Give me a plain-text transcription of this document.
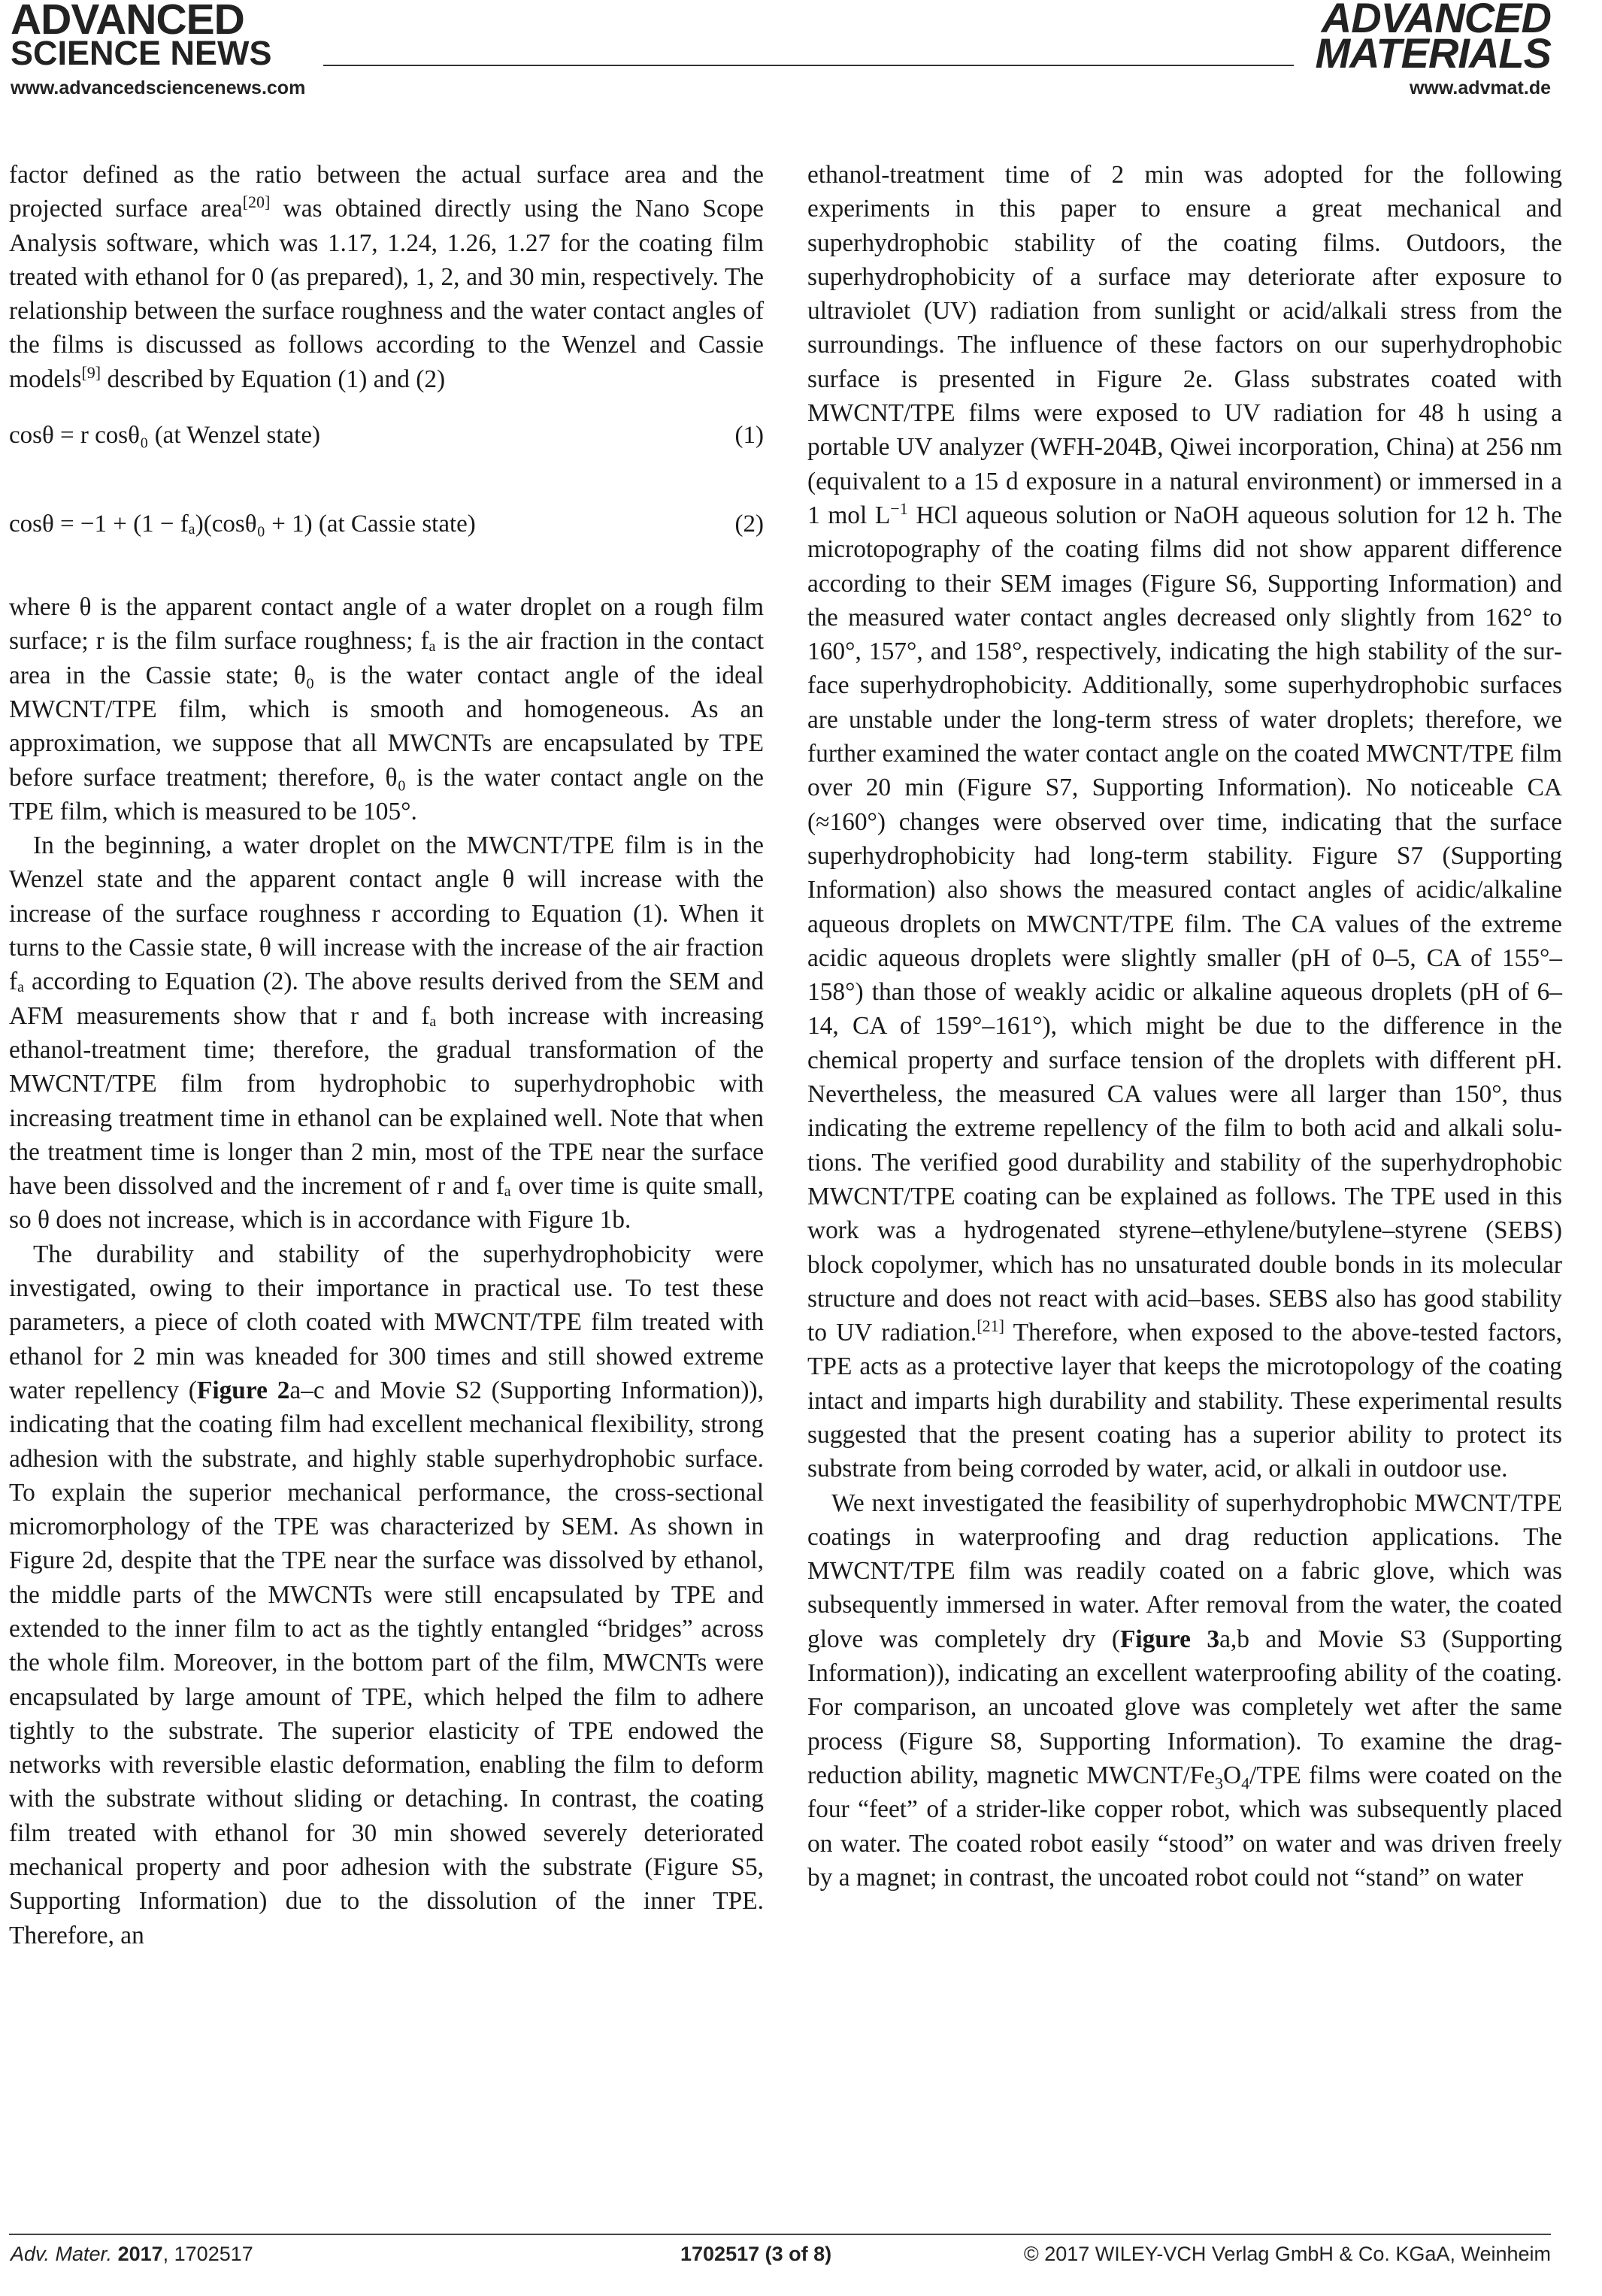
ADVANCED
SCIENCE NEWS
www.advancedsciencenews.com
ADVANCED
MATERIALS
www.advmat.de

factor defined as the ratio between the actual surface area and the projected surface area[20] was obtained directly using the Nano Scope Analysis software, which was 1.17, 1.24, 1.26, 1.27 for the coating film treated with ethanol for 0 (as prepared), 1, 2, and 30 min, respectively. The relationship between the surface roughness and the water contact angles of the films is discussed as follows according to the Wenzel and Cassie models[9] described by Equation (1) and (2)

cosθ = r cosθ₀ (at Wenzel state)	(1)
cosθ = −1 + (1 − fₐ)(cosθ₀ + 1) (at Cassie state)	(2)

where θ is the apparent contact angle of a water droplet on a rough film surface; r is the film surface roughness; fₐ is the air fraction in the contact area in the Cassie state; θ₀ is the water contact angle of the ideal MWCNT/TPE film, which is smooth and homogeneous. As an approximation, we suppose that all MWCNTs are encapsulated by TPE before surface treatment; therefore, θ₀ is the water contact angle on the TPE film, which is measured to be 105°.

In the beginning, a water droplet on the MWCNT/TPE film is in the Wenzel state and the apparent contact angle θ will increase with the increase of the surface roughness r according to Equation (1). When it turns to the Cassie state, θ will increase with the increase of the air fraction fₐ according to Equation (2). The above results derived from the SEM and AFM measurements show that r and fₐ both increase with increasing ethanol-treatment time; therefore, the gradual transformation of the MWCNT/TPE film from hydrophobic to superhydrophobic with increasing treatment time in ethanol can be explained well. Note that when the treatment time is longer than 2 min, most of the TPE near the surface have been dissolved and the increment of r and fₐ over time is quite small, so θ does not increase, which is in accordance with Figure 1b.

The durability and stability of the superhydrophobicity were investigated, owing to their importance in practical use. To test these parameters, a piece of cloth coated with MWCNT/TPE film treated with ethanol for 2 min was kneaded for 300 times and still showed extreme water repellency (Figure 2a–c and Movie S2 (Supporting Information)), indicating that the coating film had excellent mechanical flexibility, strong adhesion with the substrate, and highly stable superhydrophobic surface. To explain the superior mechanical performance, the cross-sectional micromorphology of the TPE was characterized by SEM. As shown in Figure 2d, despite that the TPE near the surface was dissolved by ethanol, the middle parts of the MWCNTs were still encapsulated by TPE and extended to the inner film to act as the tightly entangled “bridges” across the whole film. Moreover, in the bottom part of the film, MWCNTs were encapsulated by large amount of TPE, which helped the film to adhere tightly to the substrate. The superior elasticity of TPE endowed the networks with reversible elastic deformation, enabling the film to deform with the substrate without sliding or detaching. In contrast, the coating film treated with ethanol for 30 min showed severely deteriorated mechanical property and poor adhesion with the substrate (Figure S5, Supporting Information) due to the dissolution of the inner TPE. Therefore, an

ethanol-treatment time of 2 min was adopted for the following experiments in this paper to ensure a great mechanical and superhydrophobic stability of the coating films. Outdoors, the superhydrophobicity of a surface may deteriorate after exposure to ultraviolet (UV) radiation from sunlight or acid/alkali stress from the surroundings. The influence of these factors on our superhydrophobic surface is presented in Figure 2e. Glass substrates coated with MWCNT/TPE films were exposed to UV radiation for 48 h using a portable UV analyzer (WFH-204B, Qiwei incorporation, China) at 256 nm (equivalent to a 15 d exposure in a natural environment) or immersed in a 1 mol $L^{-1}$ HCl aqueous solution or NaOH aqueous solution for 12 h. The microtopography of the coating films did not show apparent difference according to their SEM images (Figure S6, Supporting Information) and the measured water contact angles decreased only slightly from 162° to 160°, 157°, and 158°, respectively, indicating the high stability of the surface superhydrophobicity. Additionally, some superhydrophobic surfaces are unstable under the long-term stress of water droplets; therefore, we further examined the water contact angle on the coated MWCNT/TPE film over 20 min (Figure S7, Supporting Information). No noticeable CA (≈160°) changes were observed over time, indicating that the surface superhydrophobicity had long-term stability. Figure S7 (Supporting Information) also shows the measured contact angles of acidic/alkaline aqueous droplets on MWCNT/TPE film. The CA values of the extreme acidic aqueous droplets were slightly smaller (pH of 0–5, CA of 155°–158°) than those of weakly acidic or alkaline aqueous droplets (pH of 6–14, CA of 159°–161°), which might be due to the difference in the chemical property and surface tension of the droplets with different pH. Nevertheless, the measured CA values were all larger than 150°, thus indicating the extreme repellency of the film to both acid and alkali solutions. The verified good durability and stability of the superhydrophobic MWCNT/TPE coating can be explained as follows. The TPE used in this work was a hydrogenated styrene–ethylene/butylene–styrene (SEBS) block copolymer, which has no unsaturated double bonds in its molecular structure and does not react with acid–bases. SEBS also has good stability to UV radiation.[21] Therefore, when exposed to the above-tested factors, TPE acts as a protective layer that keeps the microtopology of the coating intact and imparts high durability and stability. These experimental results suggested that the present coating has a superior ability to protect its substrate from being corroded by water, acid, or alkali in outdoor use.

We next investigated the feasibility of superhydrophobic MWCNT/TPE coatings in waterproofing and drag reduction applications. The MWCNT/TPE film was readily coated on a fabric glove, which was subsequently immersed in water. After removal from the water, the coated glove was completely dry (Figure 3a,b and Movie S3 (Supporting Information)), indicating an excellent waterproofing ability of the coating. For comparison, an uncoated glove was completely wet after the same process (Figure S8, Supporting Information). To examine the drag-reduction ability, magnetic MWCNT/$Fe_3O_4$/TPE films were coated on the four “feet” of a strider-like copper robot, which was subsequently placed on water. The coated robot easily “stood” on water and was driven freely by a magnet; in contrast, the uncoated robot could not “stand” on water

Adv. Mater. 2017, 1702517	1702517 (3 of 8)	© 2017 WILEY-VCH Verlag GmbH & Co. KGaA, Weinheim
